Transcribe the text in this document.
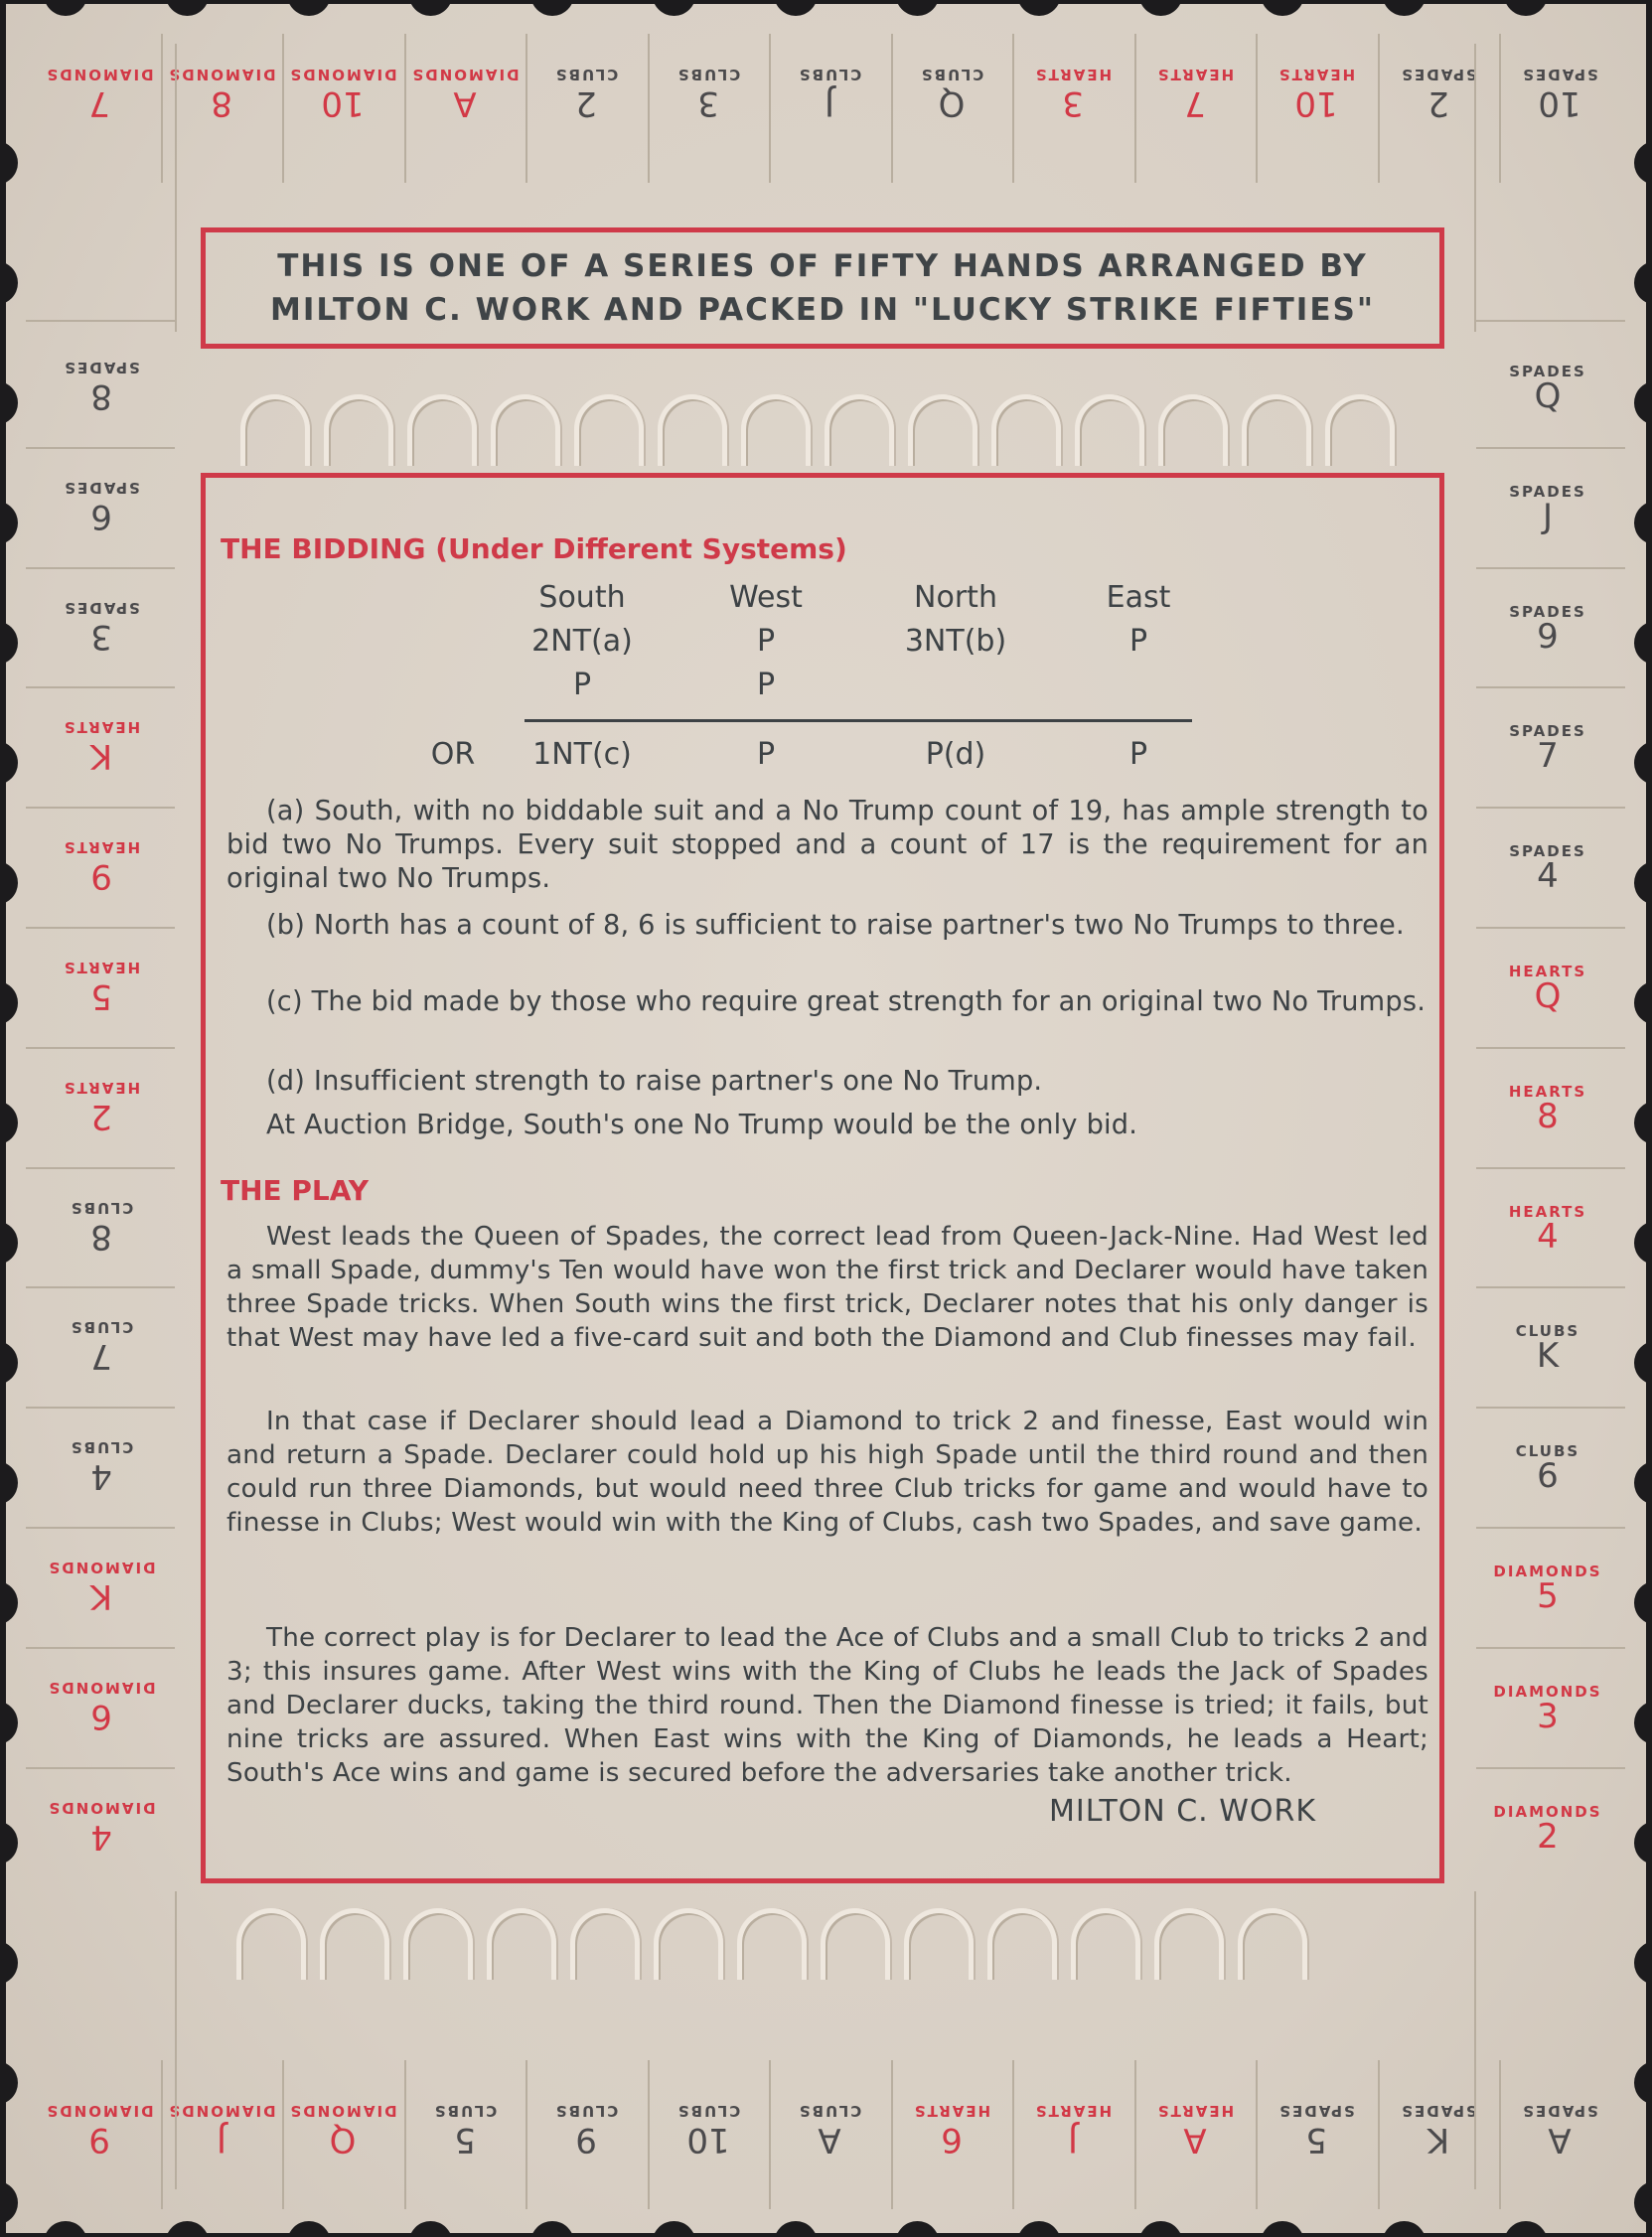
THIS IS ONE OF A SERIES OF FIFTY HANDS ARRANGED BY
MILTON C. WORK AND PACKED IN "LUCKY STRIKE FIFTIES"
THE BIDDING (Under Different Systems)
South	West	North	East
2NT(a)	P	3NT(b)	P
P	P
OR	1NT(c)	P	P(d)	P
(a) South, with no biddable suit and a No Trump count of 19, has ample strength to bid two No Trumps. Every suit stopped and a count of 17 is the requirement for an original two No Trumps.
(b) North has a count of 8, 6 is sufficient to raise partner's two No Trumps to three.
(c) The bid made by those who require great strength for an original two No Trumps.
(d) Insufficient strength to raise partner's one No Trump.
At Auction Bridge, South's one No Trump would be the only bid.
THE PLAY
West leads the Queen of Spades, the correct lead from Queen-Jack-Nine. Had West led a small Spade, dummy's Ten would have won the first trick and Declarer would have taken three Spade tricks. When South wins the first trick, Declarer notes that his only danger is that West may have led a five-card suit and both the Diamond and Club finesses may fail.
In that case if Declarer should lead a Diamond to trick 2 and finesse, East would win and return a Spade. Declarer could hold up his high Spade until the third round and then could run three Diamonds, but would need three Club tricks for game and would have to finesse in Clubs; West would win with the King of Clubs, cash two Spades, and save game.
The correct play is for Declarer to lead the Ace of Clubs and a small Club to tricks 2 and 3; this insures game. After West wins with the King of Clubs he leads the Jack of Spades and Declarer ducks, taking the third round. Then the Diamond finesse is tried; it fails, but nine tricks are assured. When East wins with the King of Diamonds, he leads a Heart; South's Ace wins and game is secured before the adversaries take another trick.
MILTON C. WORK
7
DIAMONDS
8
DIAMONDS
10
DIAMONDS
A
DIAMONDS
2
CLUBS
3
CLUBS
J
CLUBS
Q
CLUBS
3
HEARTS
7
HEARTS
10
HEARTS
2
SPADES
10
SPADES
9
DIAMONDS
J
DIAMONDS
Q
DIAMONDS
5
CLUBS
9
CLUBS
10
CLUBS
A
CLUBS
6
HEARTS
J
HEARTS
A
HEARTS
5
SPADES
K
SPADES
A
SPADES
8
SPADES
6
SPADES
3
SPADES
K
HEARTS
9
HEARTS
5
HEARTS
2
HEARTS
8
CLUBS
7
CLUBS
4
CLUBS
K
DIAMONDS
6
DIAMONDS
4
DIAMONDS
SPADES
Q
SPADES
J
SPADES
9
SPADES
7
SPADES
4
HEARTS
Q
HEARTS
8
HEARTS
4
CLUBS
K
CLUBS
6
DIAMONDS
5
DIAMONDS
3
DIAMONDS
2
